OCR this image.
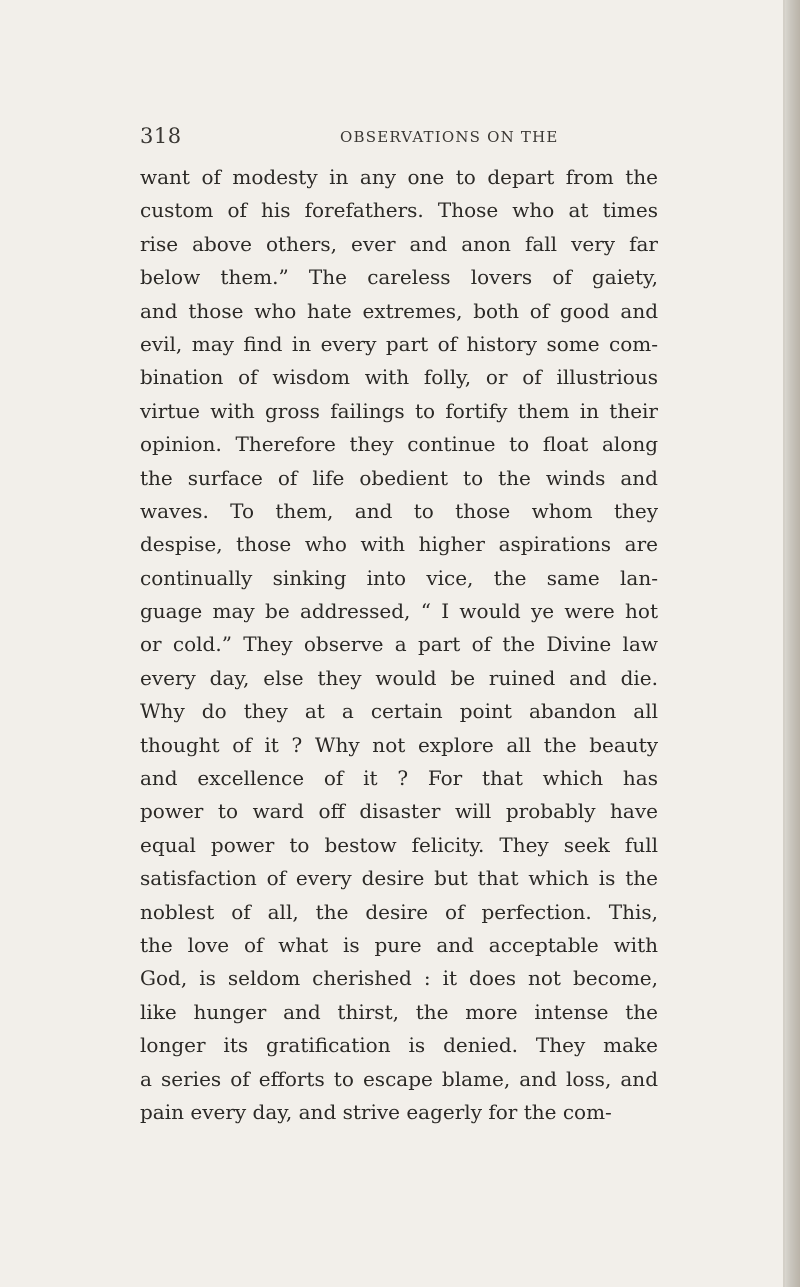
318	OBSERVATIONS ON THE
want of modesty in any one to depart from the
custom of his forefathers. Those who at times
rise above others, ever and anon fall very far
below them.” The careless lovers of gaiety,
and those who hate extremes, both of good and
evil, may find in every part of history some com-
bination of wisdom with folly, or of illustrious
virtue with gross failings to fortify them in their
opinion. Therefore they continue to float along
the surface of life obedient to the winds and
waves. To them, and to those whom they
despise, those who with higher aspirations are
continually sinking into vice, the same lan-
guage may be addressed, “ I would ye were hot
or cold.” They observe a part of the Divine law
every day, else they would be ruined and die.
Why do they at a certain point abandon all
thought of it ? Why not explore all the beauty
and excellence of it ? For that which has
power to ward off disaster will probably have
equal power to bestow felicity. They seek full
satisfaction of every desire but that which is the
noblest of all, the desire of perfection. This,
the love of what is pure and acceptable with
God, is seldom cherished : it does not become,
like hunger and thirst, the more intense the
longer its gratification is denied. They make
a series of efforts to escape blame, and loss, and
pain every day, and strive eagerly for the com-
